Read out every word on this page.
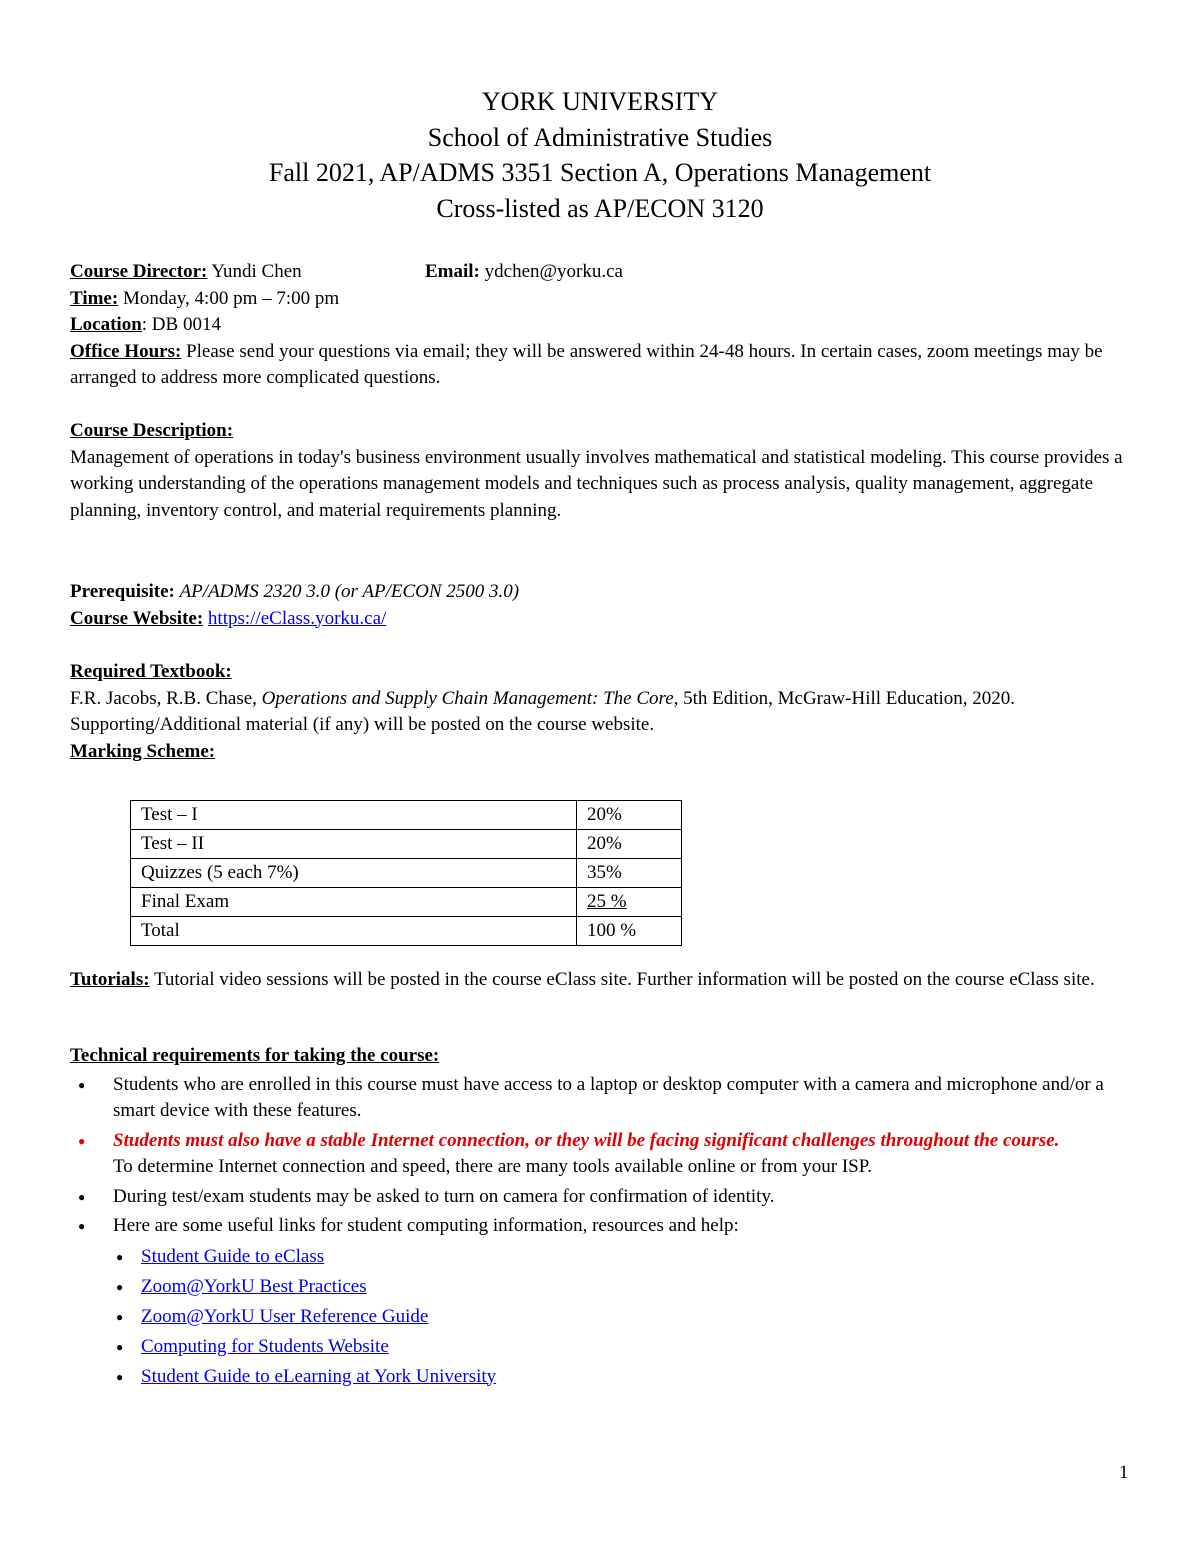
YORK UNIVERSITY
School of Administrative Studies
Fall 2021, AP/ADMS 3351 Section A, Operations Management
Cross-listed as AP/ECON 3120
Course Director: Yundi Chen	Email: ydchen@yorku.ca
Time: Monday, 4:00 pm – 7:00 pm
Location: DB 0014
Office Hours: Please send your questions via email; they will be answered within 24-48 hours. In certain cases, zoom meetings may be arranged to address more complicated questions.
Course Description:
Management of operations in today's business environment usually involves mathematical and statistical modeling. This course provides a working understanding of the operations management models and techniques such as process analysis, quality management, aggregate planning, inventory control, and material requirements planning.
Prerequisite: AP/ADMS 2320 3.0 (or AP/ECON 2500 3.0)
Course Website: https://eClass.yorku.ca/
Required Textbook:
F.R. Jacobs, R.B. Chase, Operations and Supply Chain Management: The Core, 5th Edition, McGraw-Hill Education, 2020.
Supporting/Additional material (if any) will be posted on the course website.
Marking Scheme:
Test – I	20%
Test – II	20%
Quizzes (5 each 7%)	35%
Final Exam	25 %
Total	100 %
Tutorials: Tutorial video sessions will be posted in the course eClass site. Further information will be posted on the course eClass site.
Technical requirements for taking the course:
● Students who are enrolled in this course must have access to a laptop or desktop computer with a camera and microphone and/or a smart device with these features.
● Students must also have a stable Internet connection, or they will be facing significant challenges throughout the course.
To determine Internet connection and speed, there are many tools available online or from your ISP.
● During test/exam students may be asked to turn on camera for confirmation of identity.
● Here are some useful links for student computing information, resources and help:
● Student Guide to eClass
● Zoom@YorkU Best Practices
● Zoom@YorkU User Reference Guide
● Computing for Students Website
● Student Guide to eLearning at York University
1
